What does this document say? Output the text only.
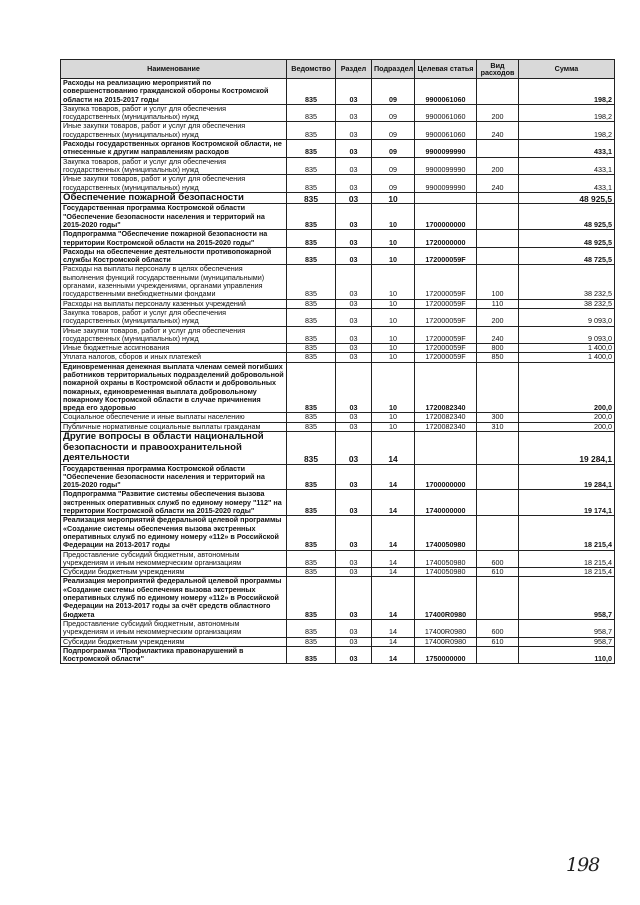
Наименование	Ведомство	Раздел	Подраздел	Целевая статья	Вид расходов	Сумма
Расходы на реализацию мероприятий по совершенствованию гражданской обороны Костромской области на 2015-2017 годы	835	03	09	9900061060		198,2
Закупка товаров, работ и услуг для обеспечения государственных (муниципальных) нужд	835	03	09	9900061060	200	198,2
Иные закупки товаров, работ и услуг для обеспечения государственных (муниципальных) нужд	835	03	09	9900061060	240	198,2
Расходы государственных органов Костромской области, не отнесенные к другим направлениям расходов	835	03	09	9900099990		433,1
Закупка товаров, работ и услуг для обеспечения государственных (муниципальных) нужд	835	03	09	9900099990	200	433,1
Иные закупки товаров, работ и услуг для обеспечения государственных (муниципальных) нужд	835	03	09	9900099990	240	433,1
Обеспечение пожарной безопасности	835	03	10			48 925,5
Государственная программа Костромской области "Обеспечение безопасности населения и территорий на 2015-2020 годы"	835	03	10	1700000000		48 925,5
Подпрограмма "Обеспечение пожарной безопасности на территории Костромской области на 2015-2020 годы"	835	03	10	1720000000		48 925,5
Расходы на обеспечение деятельности противопожарной службы Костромской области	835	03	10	172000059F		48 725,5
Расходы на выплаты персоналу в целях обеспечения выполнения функций государственными (муниципальными) органами, казенными учреждениями, органами управления государственными внебюджетными фондами	835	03	10	172000059F	100	38 232,5
Расходы на выплаты персоналу казенных учреждений	835	03	10	172000059F	110	38 232,5
Закупка товаров, работ и услуг для обеспечения государственных (муниципальных) нужд	835	03	10	172000059F	200	9 093,0
Иные закупки товаров, работ и услуг для обеспечения государственных (муниципальных) нужд	835	03	10	172000059F	240	9 093,0
Иные бюджетные ассигнования	835	03	10	172000059F	800	1 400,0
Уплата налогов, сборов и иных платежей	835	03	10	172000059F	850	1 400,0
Единовременная денежная выплата членам семей погибших работников территориальных подразделений добровольной пожарной охраны в Костромской области и добровольных пожарных, единовременная выплата добровольному пожарному Костромской области в случае причинения вреда его здоровью	835	03	10	1720082340		200,0
Социальное обеспечение и иные выплаты населению	835	03	10	1720082340	300	200,0
Публичные нормативные социальные выплаты гражданам	835	03	10	1720082340	310	200,0
Другие вопросы в области национальной безопасности и правоохранительной деятельности	835	03	14			19 284,1
Государственная программа Костромской области "Обеспечение безопасности населения и территорий на 2015-2020 годы"	835	03	14	1700000000		19 284,1
Подпрограмма "Развитие системы обеспечения вызова экстренных оперативных служб по единому номеру "112" на территории Костромской области на 2015-2020 годы"	835	03	14	1740000000		19 174,1
Реализация мероприятий федеральной целевой программы «Создание системы обеспечения вызова экстренных оперативных служб по единому номеру «112» в Российской Федерации на 2013-2017 годы	835	03	14	1740050980		18 215,4
Предоставление субсидий бюджетным, автономным учреждениям и иным некоммерческим организациям	835	03	14	1740050980	600	18 215,4
Субсидии бюджетным учреждениям	835	03	14	1740050980	610	18 215,4
Реализация мероприятий федеральной целевой программы «Создание системы обеспечения вызова экстренных оперативных служб по единому номеру «112» в Российской Федерации на 2013-2017 годы за счёт средств областного бюджета	835	03	14	17400R0980		958,7
Предоставление субсидий бюджетным, автономным учреждениям и иным некоммерческим организациям	835	03	14	17400R0980	600	958,7
Субсидии бюджетным учреждениям	835	03	14	17400R0980	610	958,7
Подпрограмма "Профилактика правонарушений в Костромской области"	835	03	14	1750000000		110,0
198
